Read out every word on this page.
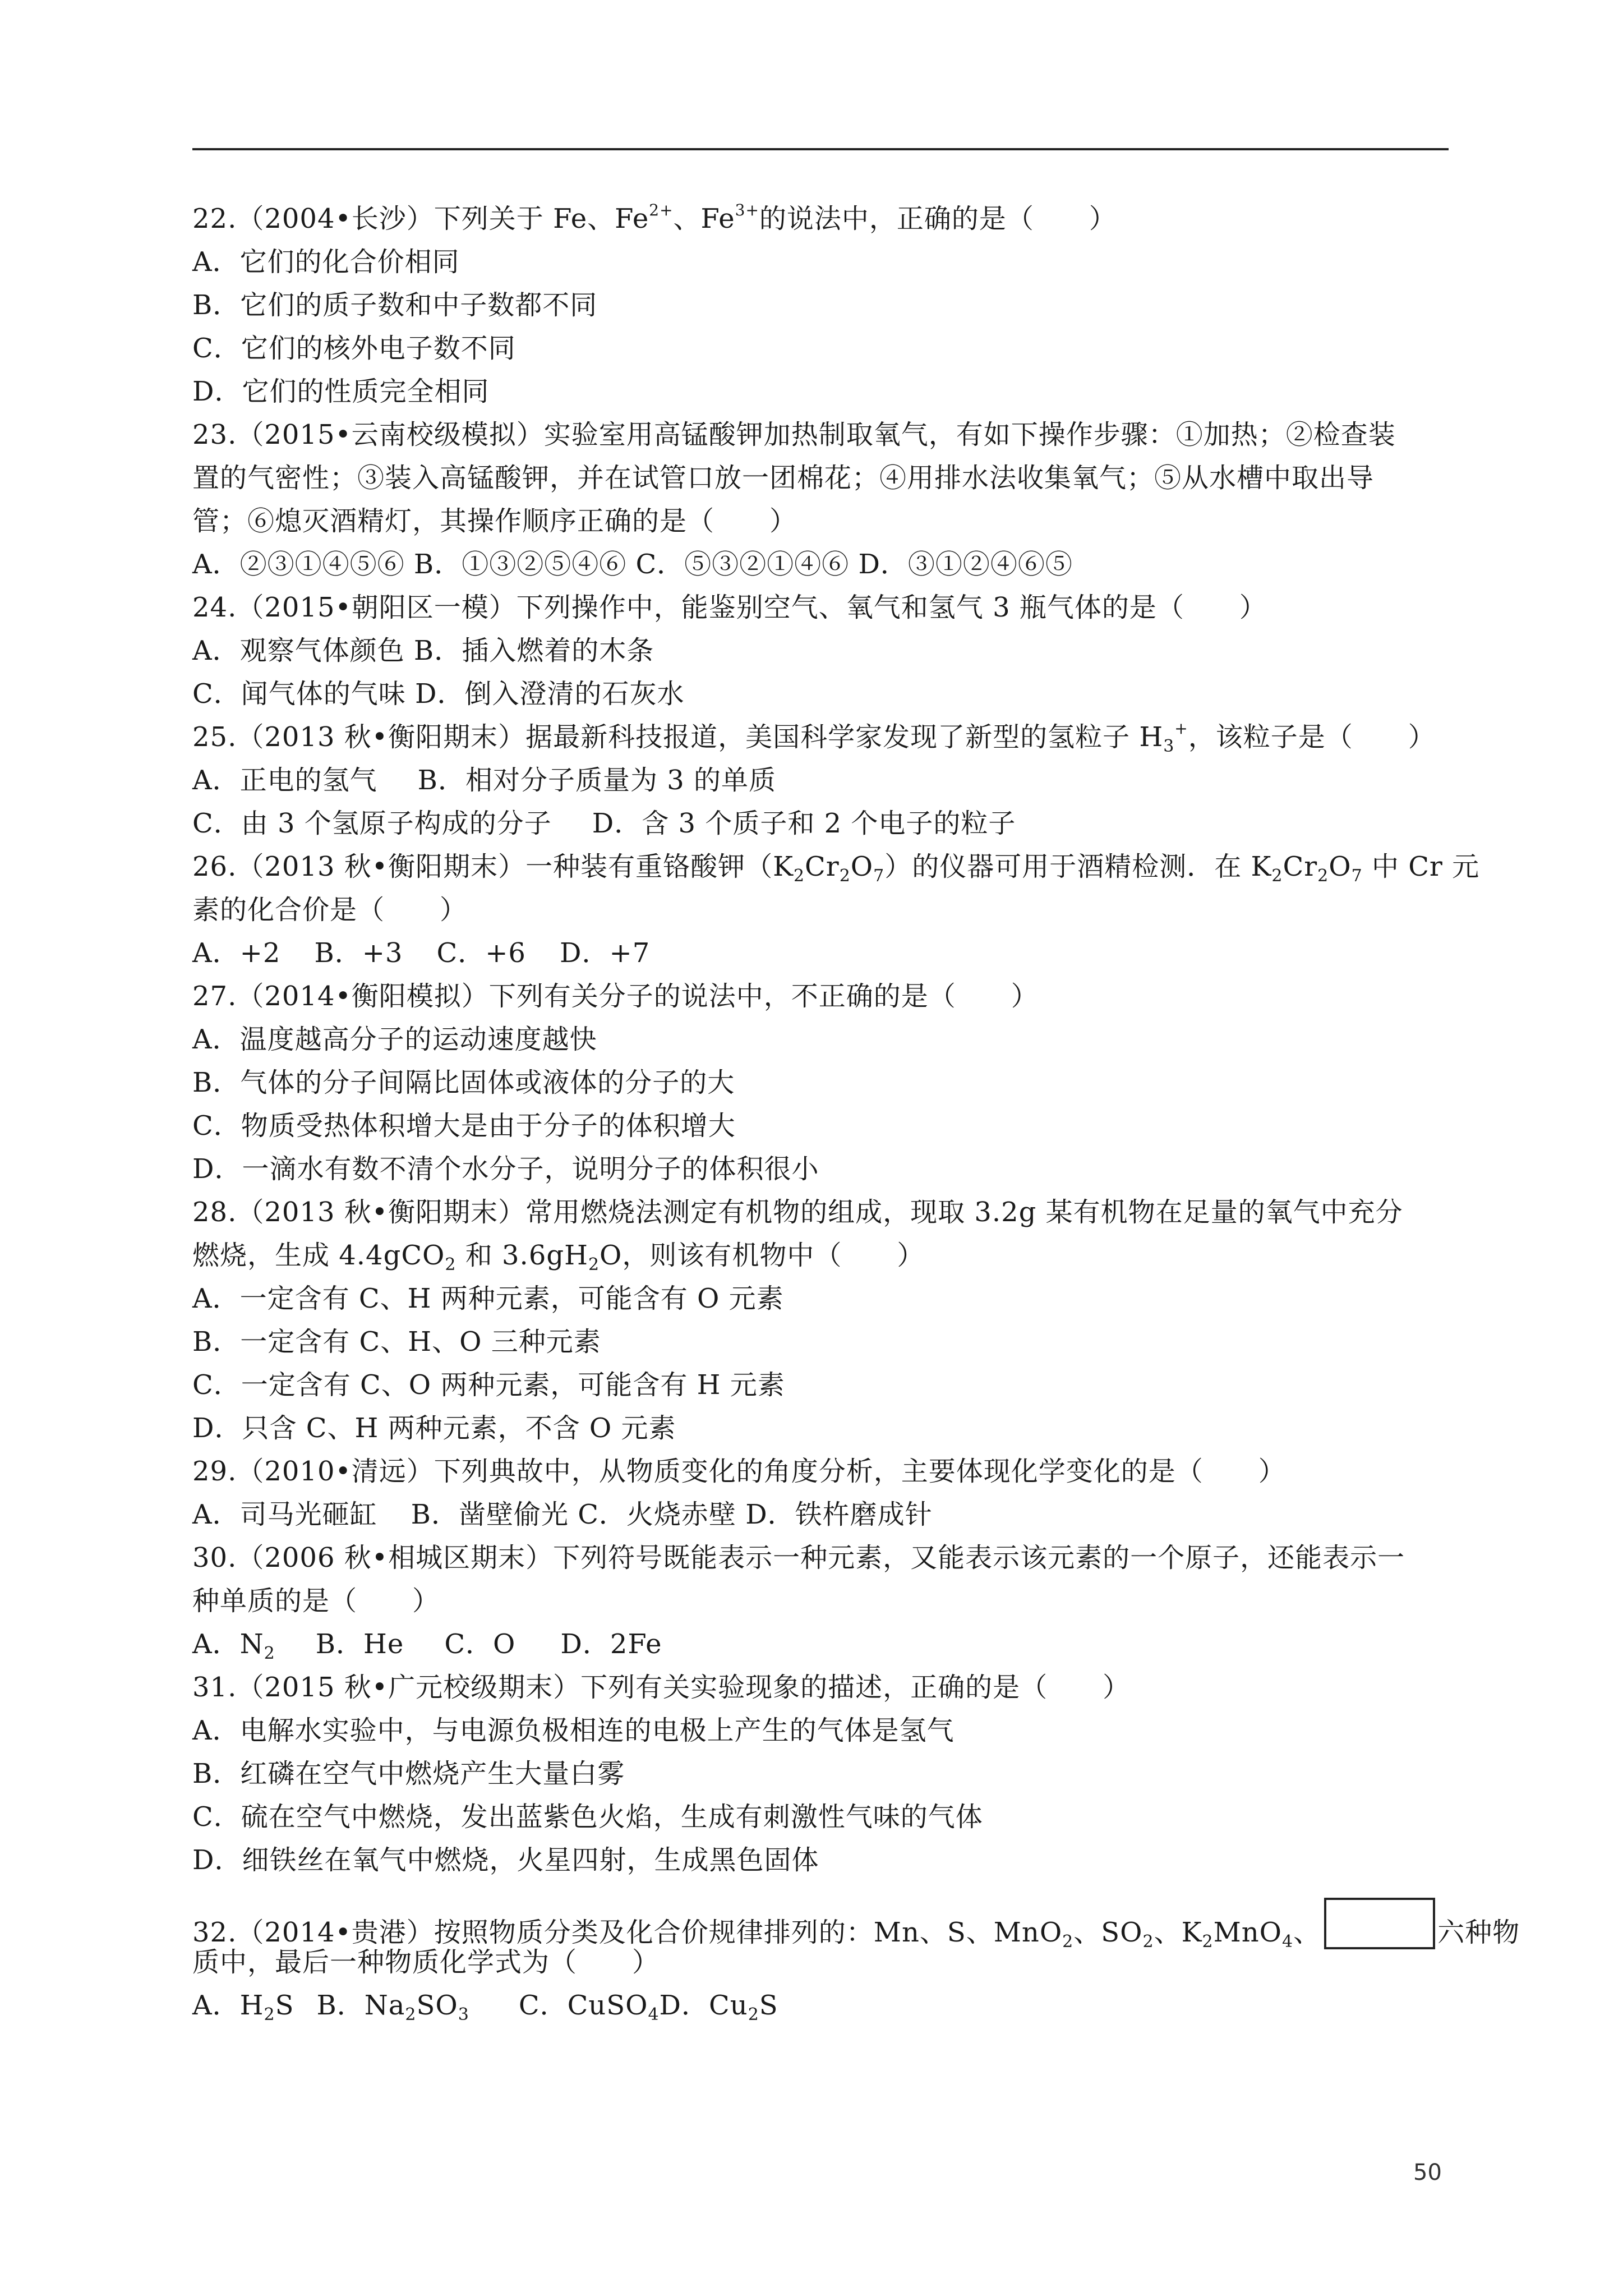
22.（2004•长沙）下列关于 Fe、$Fe^{2+}$、$Fe^{3+}$的说法中，正确的是（　　）
A．它们的化合价相同
B．它们的质子数和中子数都不同
C．它们的核外电子数不同
D．它们的性质完全相同
23.（2015•云南校级模拟）实验室用高锰酸钾加热制取氧气，有如下操作步骤：①加热；②检查装
置的气密性；③装入高锰酸钾，并在试管口放一团棉花；④用排水法收集氧气；⑤从水槽中取出导
管；⑥熄灭酒精灯，其操作顺序正确的是（　　）
A．②③①④⑤⑥ B．①③②⑤④⑥ C．⑤③②①④⑥ D．③①②④⑥⑤
24.（2015•朝阳区一模）下列操作中，能鉴别空气、氧气和氢气 3 瓶气体的是（　　）
A．观察气体颜色 B．插入燃着的木条
C．闻气体的气味 D．倒入澄清的石灰水
25.（2013 秋•衡阳期末）据最新科技报道，美国科学家发现了新型的氢粒子 $H_3^+$，该粒子是（　　）
A．正电的氢气 B．相对分子质量为 3 的单质
C．由 3 个氢原子构成的分子 D．含 3 个质子和 2 个电子的粒子
26.（2013 秋•衡阳期末）一种装有重铬酸钾$(K_2Cr_2O_7)$的仪器可用于酒精检测．在 $K_2Cr_2O_7$ 中 Cr 元
素的化合价是（　　）
A．+2 B．+3 C．+6 D．+7
27.（2014•衡阳模拟）下列有关分子的说法中，不正确的是（　　）
A．温度越高分子的运动速度越快
B．气体的分子间隔比固体或液体的分子的大
C．物质受热体积增大是由于分子的体积增大
D．一滴水有数不清个水分子，说明分子的体积很小
28.（2013 秋•衡阳期末）常用燃烧法测定有机物的组成，现取 3.2g 某有机物在足量的氧气中充分
燃烧，生成 4.4gCO$_2$ 和 $3.6gH_2O$，则该有机物中（　　）
A．一定含有 C、H 两种元素，可能含有 O 元素
B．一定含有 C、H、O 三种元素
C．一定含有 C、O 两种元素，可能含有 H 元素
D．只含 C、H 两种元素，不含 O 元素
29.（2010•清远）下列典故中，从物质变化的角度分析，主要体现化学变化的是（　　）
A．司马光砸缸 B．凿壁偷光 C．火烧赤壁 D．铁杵磨成针
30.（2006 秋•相城区期末）下列符号既能表示一种元素，又能表示该元素的一个原子，还能表示一
种单质的是（　　）
A．$N_2$ B．He C．O D．2Fe
31.（2015 秋•广元校级期末）下列有关实验现象的描述，正确的是（　　）
A．电解水实验中，与电源负极相连的电极上产生的气体是氢气
B．红磷在空气中燃烧产生大量白雾
C．硫在空气中燃烧，发出蓝紫色火焰，生成有刺激性气味的气体
D．细铁丝在氧气中燃烧，火星四射，生成黑色固体
32.（2014•贵港）按照物质分类及化合价规律排列的：Mn、S、MnO$_2$、$SO_2$、$K_2MnO_4$、	六种物
质中，最后一种物质化学式为（　　）
A．$H_2S$ B．$Na_2SO_3$ C．CuSO$_4$D．$Cu_2S$
50
